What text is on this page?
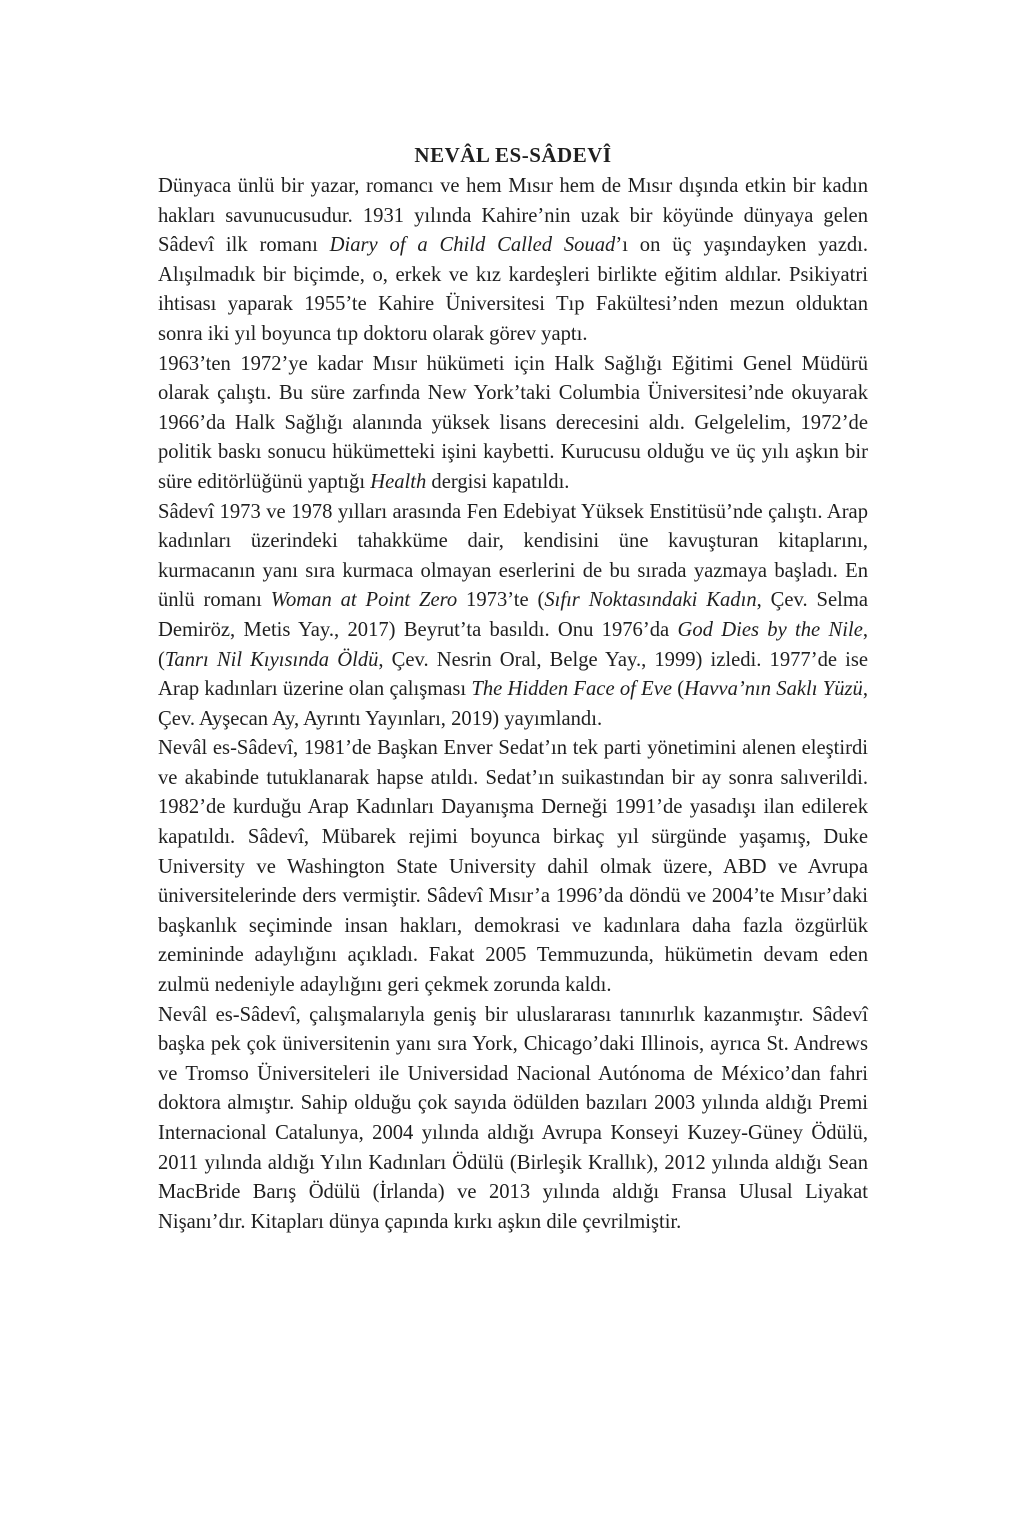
NEVÂL ES-SÂDEVÎ

Dünyaca ünlü bir yazar, romancı ve hem Mısır hem de Mısır dışında etkin bir kadın hakları savunucusudur. 1931 yılında Kahire’nin uzak bir köyünde dünyaya gelen Sâdevî ilk romanı Diary of a Child Called Souad’ı on üç yaşındayken yazdı. Alışılmadık bir biçimde, o, erkek ve kız kardeşleri birlikte eğitim aldılar. Psikiyatri ihtisası yaparak 1955’te Kahire Üniversitesi Tıp Fakültesi’nden mezun olduktan sonra iki yıl boyunca tıp doktoru olarak görev yaptı.

1963’ten 1972’ye kadar Mısır hükümeti için Halk Sağlığı Eğitimi Genel Müdürü olarak çalıştı. Bu süre zarfında New York’taki Columbia Üniversitesi’nde okuyarak 1966’da Halk Sağlığı alanında yüksek lisans derecesini aldı. Gelgelelim, 1972’de politik baskı sonucu hükümetteki işini kaybetti. Kurucusu olduğu ve üç yılı aşkın bir süre editörlüğünü yaptığı Health dergisi kapatıldı.

Sâdevî 1973 ve 1978 yılları arasında Fen Edebiyat Yüksek Enstitüsü’nde çalıştı. Arap kadınları üzerindeki tahakküme dair, kendisini üne kavuşturan kitaplarını, kurmacanın yanı sıra kurmaca olmayan eserlerini de bu sırada yazmaya başladı. En ünlü romanı Woman at Point Zero 1973’te (Sıfır Noktasındaki Kadın, Çev. Selma Demiröz, Metis Yay., 2017) Beyrut’ta basıldı. Onu 1976’da God Dies by the Nile, (Tanrı Nil Kıyısında Öldü, Çev. Nesrin Oral, Belge Yay., 1999) izledi. 1977’de ise Arap kadınları üzerine olan çalışması The Hidden Face of Eve (Havva’nın Saklı Yüzü, Çev. Ayşecan Ay, Ayrıntı Yayınları, 2019) yayımlandı.

Nevâl es-Sâdevî, 1981’de Başkan Enver Sedat’ın tek parti yönetimini alenen eleştirdi ve akabinde tutuklanarak hapse atıldı. Sedat’ın suikastından bir ay sonra salıverildi. 1982’de kurduğu Arap Kadınları Dayanışma Derneği 1991’de yasadışı ilan edilerek kapatıldı. Sâdevî, Mübarek rejimi boyunca birkaç yıl sürgünde yaşamış, Duke University ve Washington State University dahil olmak üzere, ABD ve Avrupa üniversitelerinde ders vermiştir. Sâdevî Mısır’a 1996’da döndü ve 2004’te Mısır’daki başkanlık seçiminde insan hakları, demokrasi ve kadınlara daha fazla özgürlük zemininde adaylığını açıkladı. Fakat 2005 Temmuzunda, hükümetin devam eden zulmü nedeniyle adaylığını geri çekmek zorunda kaldı.

Nevâl es-Sâdevî, çalışmalarıyla geniş bir uluslararası tanınırlık kazanmıştır. Sâdevî başka pek çok üniversitenin yanı sıra York, Chicago’daki Illinois, ayrıca St. Andrews ve Tromso Üniversiteleri ile Universidad Nacional Autónoma de México’dan fahri doktora almıştır. Sahip olduğu çok sayıda ödülden bazıları 2003 yılında aldığı Premi Internacional Catalunya, 2004 yılında aldığı Avrupa Konseyi Kuzey-Güney Ödülü, 2011 yılında aldığı Yılın Kadınları Ödülü (Birleşik Krallık), 2012 yılında aldığı Sean MacBride Barış Ödülü (İrlanda) ve 2013 yılında aldığı Fransa Ulusal Liyakat Nişanı’dır. Kitapları dünya çapında kırkı aşkın dile çevrilmiştir.
